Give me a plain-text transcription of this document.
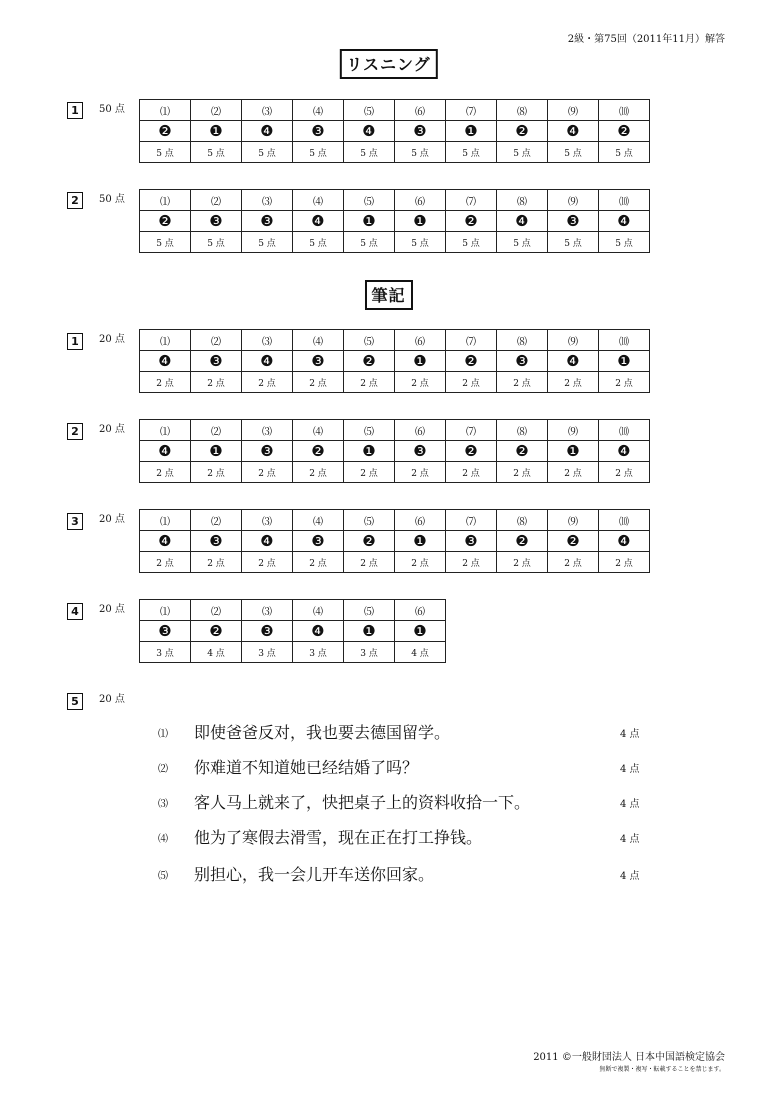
2級・第75回（2011年11月）解答
リスニング
1	50 点	⑴	⑵	⑶	⑷	⑸	⑹	⑺	⑻	⑼	⑽
❷	❶	❹	❸	❹	❸	❶	❷	❹	❷
5 点	5 点	5 点	5 点	5 点	5 点	5 点	5 点	5 点	5 点
2	50 点	⑴	⑵	⑶	⑷	⑸	⑹	⑺	⑻	⑼	⑽
❷	❸	❸	❹	❶	❶	❷	❹	❸	❹
5 点	5 点	5 点	5 点	5 点	5 点	5 点	5 点	5 点	5 点
筆記
1	20 点	⑴	⑵	⑶	⑷	⑸	⑹	⑺	⑻	⑼	⑽
❹	❸	❹	❸	❷	❶	❷	❸	❹	❶
2 点	2 点	2 点	2 点	2 点	2 点	2 点	2 点	2 点	2 点
2	20 点	⑴	⑵	⑶	⑷	⑸	⑹	⑺	⑻	⑼	⑽
❹	❶	❸	❷	❶	❸	❷	❷	❶	❹
2 点	2 点	2 点	2 点	2 点	2 点	2 点	2 点	2 点	2 点
3	20 点	⑴	⑵	⑶	⑷	⑸	⑹	⑺	⑻	⑼	⑽
❹	❸	❹	❸	❷	❶	❸	❷	❷	❹
2 点	2 点	2 点	2 点	2 点	2 点	2 点	2 点	2 点	2 点
4	20 点	⑴	⑵	⑶	⑷	⑸	⑹
❸	❷	❸	❹	❶	❶
3 点	4 点	3 点	3 点	3 点	4 点
5	20 点
⑴ 即使爸爸反对，我也要去德国留学。	4 点
⑵ 你难道不知道她已经结婚了吗？	4 点
⑶ 客人马上就来了，快把桌子上的资料收拾一下。	4 点
⑷ 他为了寒假去滑雪，现在正在打工挣钱。	4 点
⑸ 别担心，我一会儿开车送你回家。	4 点
2011 ©一般財団法人 日本中国語検定協会
無断で複製・複写・転載することを禁じます。
